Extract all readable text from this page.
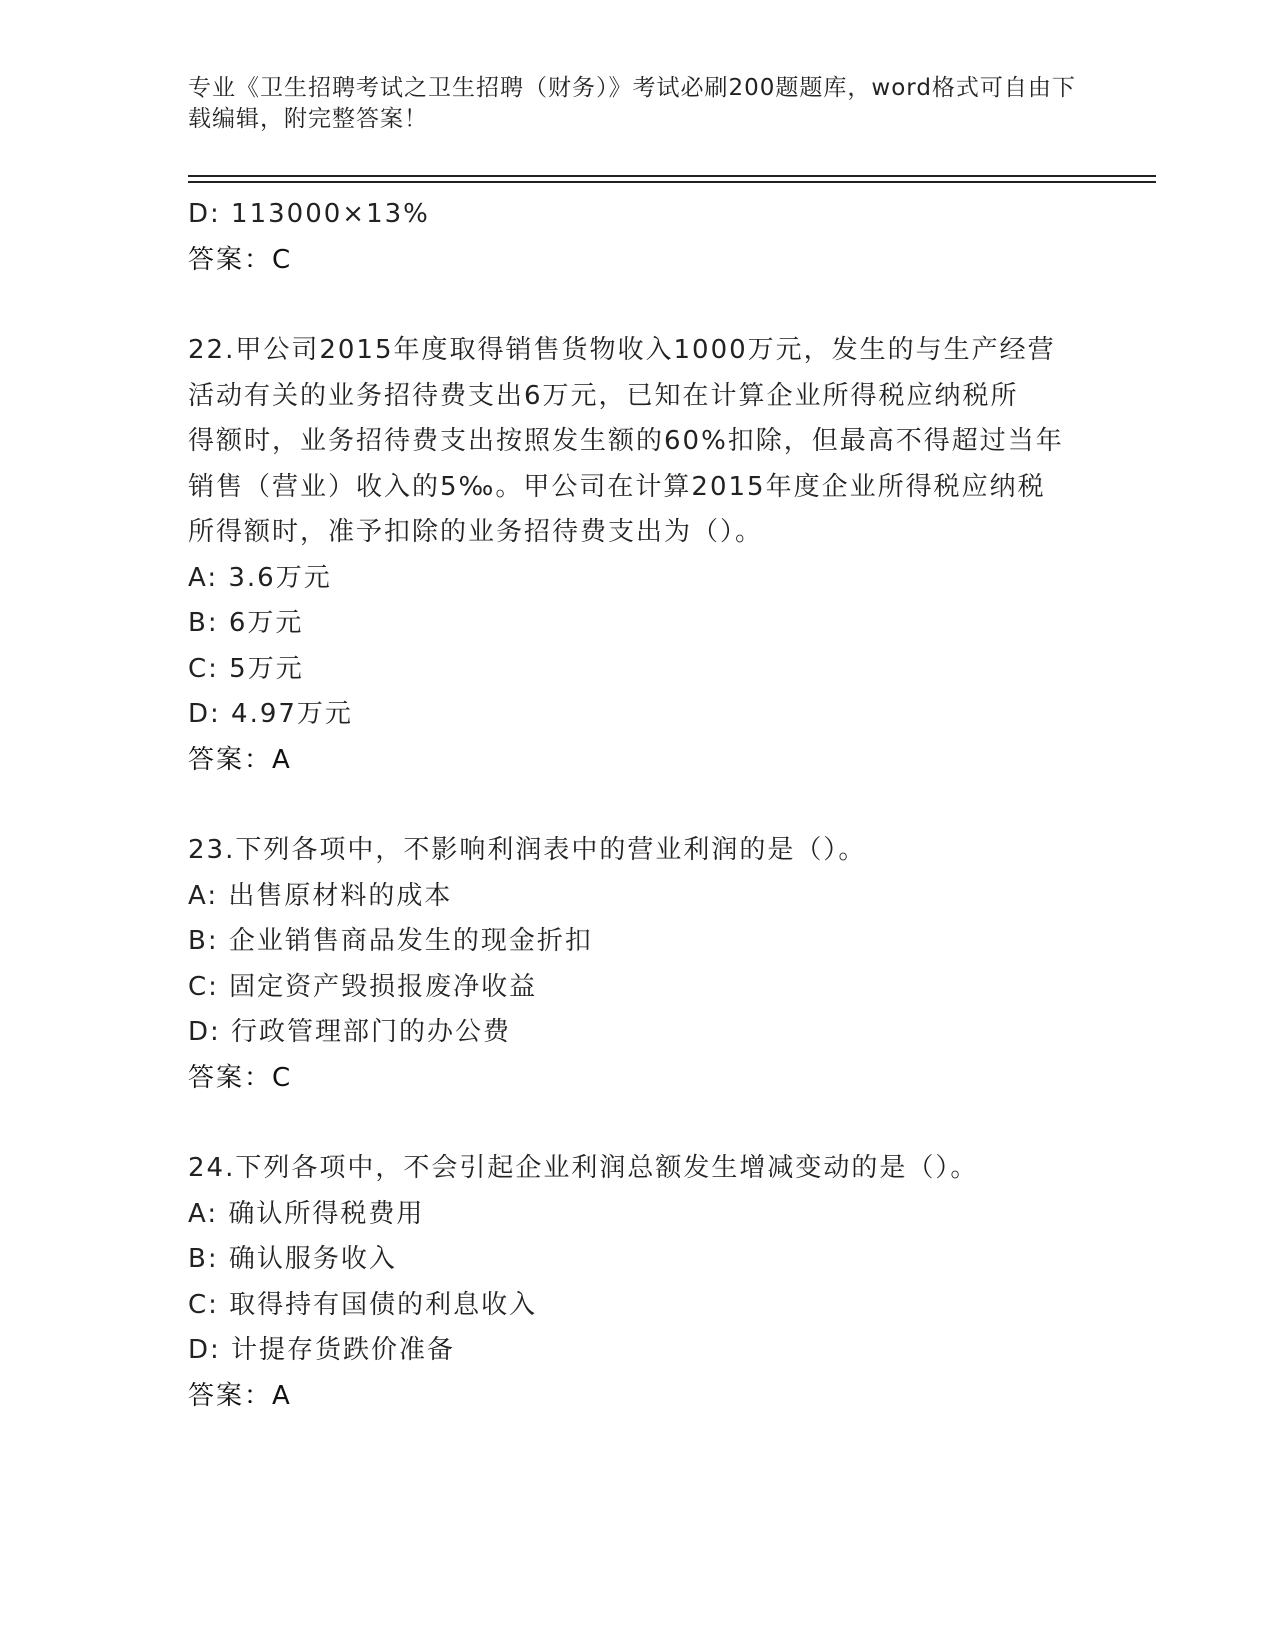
专业《卫生招聘考试之卫生招聘（财务）》考试必刷200题题库，word格式可自由下载编辑，附完整答案！
D: 113000×13%
答案：C
22.甲公司2015年度取得销售货物收入1000万元，发生的与生产经营
活动有关的业务招待费支出6万元，已知在计算企业所得税应纳税所
得额时，业务招待费支出按照发生额的60%扣除，但最高不得超过当年
销售（营业）收入的5‰。甲公司在计算2015年度企业所得税应纳税
所得额时，准予扣除的业务招待费支出为（）。
A: 3.6万元
B: 6万元
C: 5万元
D: 4.97万元
答案：A
23.下列各项中，不影响利润表中的营业利润的是（）。
A: 出售原材料的成本
B: 企业销售商品发生的现金折扣
C: 固定资产毁损报废净收益
D: 行政管理部门的办公费
答案：C
24.下列各项中，不会引起企业利润总额发生增减变动的是（）。
A: 确认所得税费用
B: 确认服务收入
C: 取得持有国债的利息收入
D: 计提存货跌价准备
答案：A
